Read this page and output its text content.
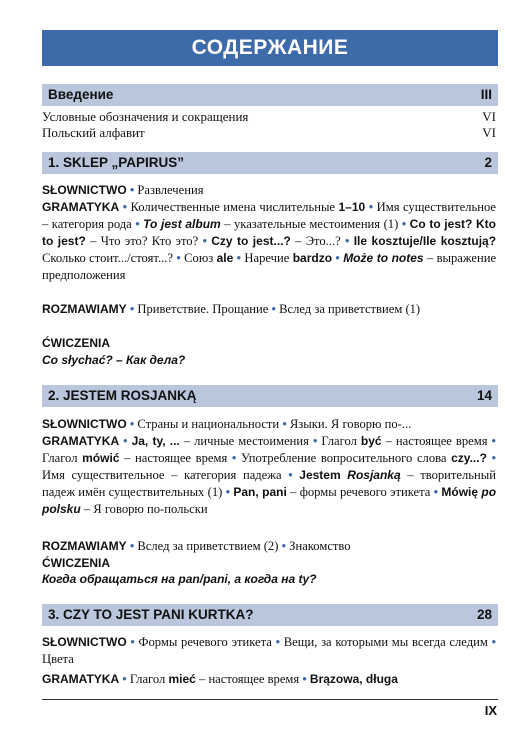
СОДЕРЖАНИЕ
Введение	III
Условные обозначения и сокращения	VI
Польский алфавит	VI
1. SKLEP „PAPIRUS”	2
SŁOWNICTWO • Развлечения
GRAMATYKA • Количественные имена числительные 1–10 • Имя существительное – категория рода • To jest album – указательные местоимения (1) • Co to jest? Kto to jest? – Что это? Кто это? • Czy to jest...? – Это...? • Ile kosztuje/Ile kosztują? Сколько стоит.../стоят...? • Союз ale • Наречие bardzo • Może to notes – выражение предположения
ROZMAWIAMY • Приветствие. Прощание • Вслед за приветствием (1)
ĆWICZENIA
Co słychać? – Как дела?
2. JESTEM ROSJANKĄ	14
SŁOWNICTWO • Страны и национальности • Языки. Я говорю по-...
GRAMATYKA • Ja, ty, ... – личные местоимения • Глагол być – настоящее время • Глагол mówić – настоящее время • Употребление вопросительного слова czy...? • Имя существительное – категория падежа • Jestem Rosjanką – творительный падеж имён существительных (1) • Pan, pani – формы речевого этикета • Mówię po polsku – Я говорю по-польски
ROZMAWIAMY • Вслед за приветствием (2) • Знакомство
ĆWICZENIA
Когда обращаться на pan/pani, а когда на ty?
3. CZY TO JEST PANI KURTKA?	28
SŁOWNICTWO • Формы речевого этикета • Вещи, за которыми мы всегда следим • Цвета
GRAMATYKA • Глагол mieć – настоящее время • Brązowa, długa
IX
